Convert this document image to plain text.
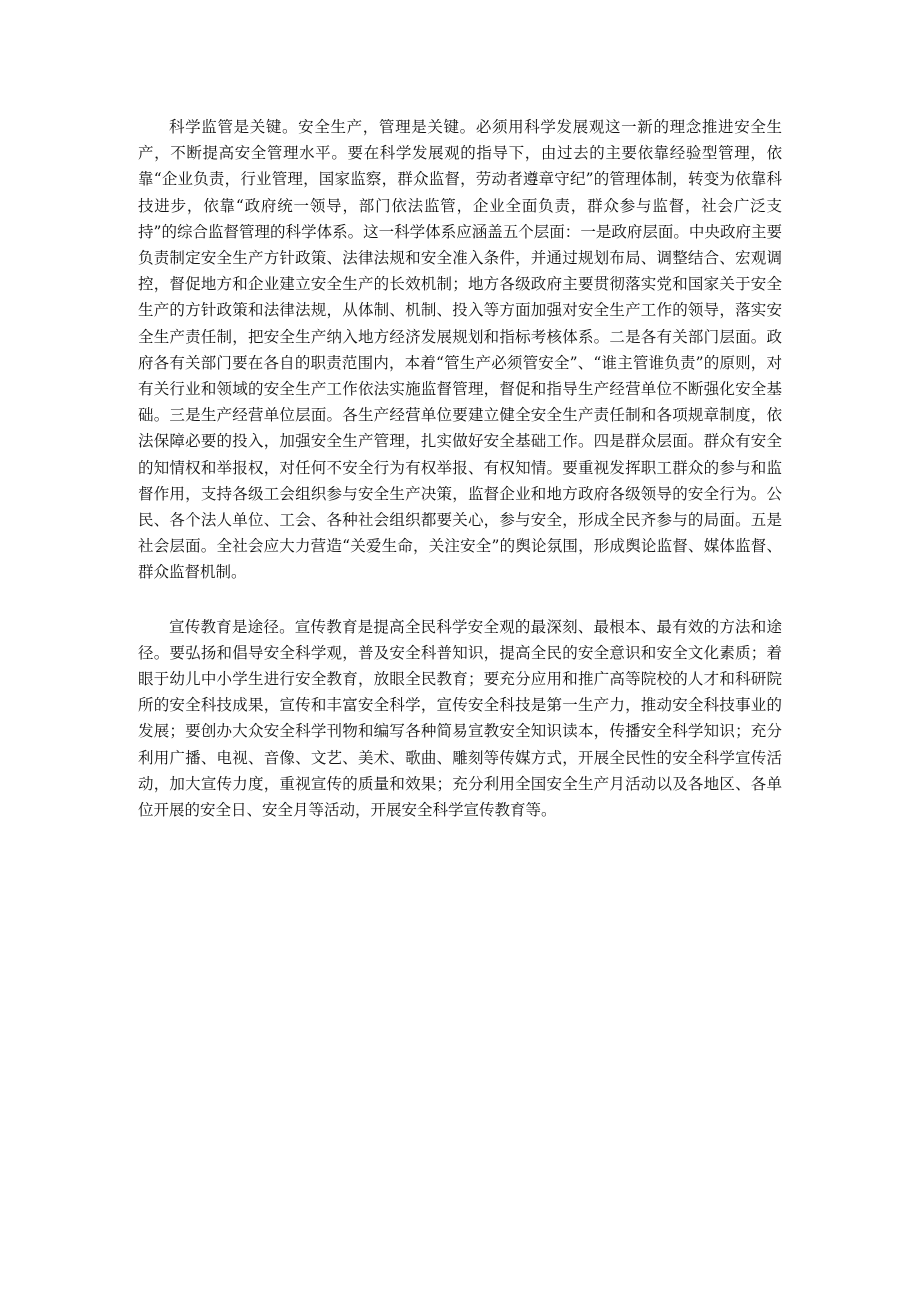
科学监管是关键。安全生产，管理是关键。必须用科学发展观这一新的理念推进安全生产，不断提高安全管理水平。要在科学发展观的指导下，由过去的主要依靠经验型管理，依靠“企业负责，行业管理，国家监察，群众监督，劳动者遵章守纪”的管理体制，转变为依靠科技进步，依靠“政府统一领导，部门依法监管，企业全面负责，群众参与监督，社会广泛支持”的综合监督管理的科学体系。这一科学体系应涵盖五个层面：一是政府层面。中央政府主要负责制定安全生产方针政策、法律法规和安全准入条件，并通过规划布局、调整结合、宏观调控，督促地方和企业建立安全生产的长效机制；地方各级政府主要贯彻落实党和国家关于安全生产的方针政策和法律法规，从体制、机制、投入等方面加强对安全生产工作的领导，落实安全生产责任制，把安全生产纳入地方经济发展规划和指标考核体系。二是各有关部门层面。政府各有关部门要在各自的职责范围内，本着“管生产必须管安全”、“谁主管谁负责”的原则，对有关行业和领域的安全生产工作依法实施监督管理，督促和指导生产经营单位不断强化安全基础。三是生产经营单位层面。各生产经营单位要建立健全安全生产责任制和各项规章制度，依法保障必要的投入，加强安全生产管理，扎实做好安全基础工作。四是群众层面。群众有安全的知情权和举报权，对任何不安全行为有权举报、有权知情。要重视发挥职工群众的参与和监督作用，支持各级工会组织参与安全生产决策，监督企业和地方政府各级领导的安全行为。公民、各个法人单位、工会、各种社会组织都要关心，参与安全，形成全民齐参与的局面。五是社会层面。全社会应大力营造“关爱生命，关注安全”的舆论氛围，形成舆论监督、媒体监督、群众监督机制。

宣传教育是途径。宣传教育是提高全民科学安全观的最深刻、最根本、最有效的方法和途径。要弘扬和倡导安全科学观，普及安全科普知识，提高全民的安全意识和安全文化素质；着眼于幼儿中小学生进行安全教育，放眼全民教育；要充分应用和推广高等院校的人才和科研院所的安全科技成果，宣传和丰富安全科学，宣传安全科技是第一生产力，推动安全科技事业的发展；要创办大众安全科学刊物和编写各种简易宣教安全知识读本，传播安全科学知识；充分利用广播、电视、音像、文艺、美术、歌曲、雕刻等传媒方式，开展全民性的安全科学宣传活动，加大宣传力度，重视宣传的质量和效果；充分利用全国安全生产月活动以及各地区、各单位开展的安全日、安全月等活动，开展安全科学宣传教育等。
